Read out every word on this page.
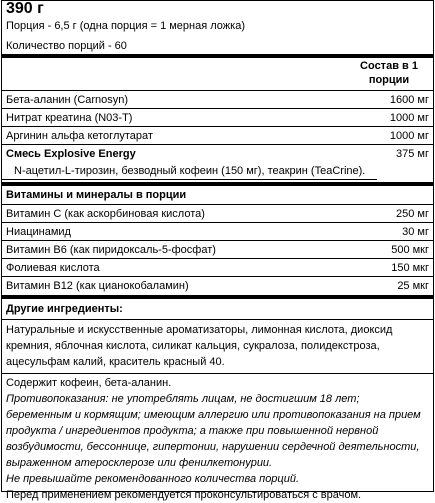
390 г
Порция - 6,5 г (одна порция = 1 мерная ложка)
Количество порций - 60
Состав в 1
порции
Бета-аланин (Carnosyn)	1600 мг
Нитрат креатина (N03-T)	1000 мг
Аргинин альфа кетоглутарат	1000 мг
Смесь Explosive Energy	375 мг
N-ацетил-L-тирозин, безводный кофеин (150 мг), теакрин (TeaCrine).
Витамины и минералы в порции
Витамин С (как аскорбиновая кислота)	250 мг
Ниацинамид	30 мг
Витамин В6 (как пиридоксаль-5-фосфат)	500 мкг
Фолиевая кислота	150 мкг
Витамин В12 (как цианокобаламин)	25 мкг
Другие ингредиенты:
Натуральные и искусственные ароматизаторы, лимонная кислота, диоксид кремния, яблочная кислота, силикат кальция, сукралоза, полидекстроза, ацесульфам калий, краситель красный 40.
Содержит кофеин, бета-аланин.
Противопоказания: не употреблять лицам, не достигшим 18 лет; беременным и кормящим; имеющим аллергию или противопоказания на прием продукта / ингредиентов продукта; а также при повышенной нервной возбудимости, бессоннице, гипертонии, нарушении сердечной деятельности, выраженном атеросклерозе или фенилкетонурии.
Не превышайте рекомендованного количества порций.
Перед применением рекомендуется проконсультироваться с врачом.
